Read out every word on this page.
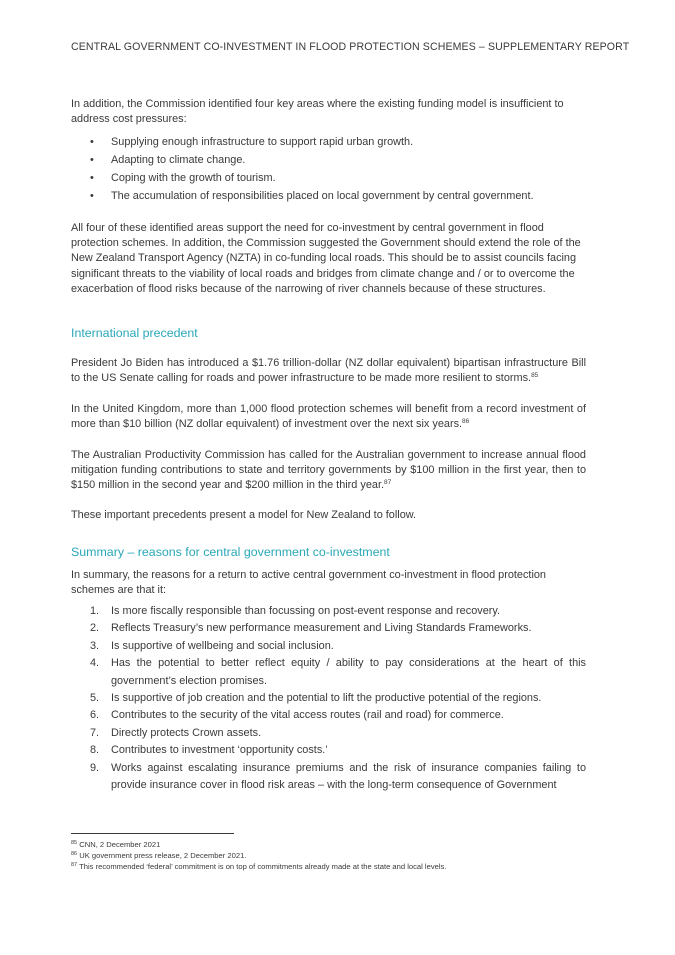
CENTRAL GOVERNMENT CO-INVESTMENT IN FLOOD PROTECTION SCHEMES – SUPPLEMENTARY REPORT

In addition, the Commission identified four key areas where the existing funding model is insufficient to address cost pressures:

• Supplying enough infrastructure to support rapid urban growth.
• Adapting to climate change.
• Coping with the growth of tourism.
• The accumulation of responsibilities placed on local government by central government.

All four of these identified areas support the need for co-investment by central government in flood protection schemes. In addition, the Commission suggested the Government should extend the role of the New Zealand Transport Agency (NZTA) in co-funding local roads. This should be to assist councils facing significant threats to the viability of local roads and bridges from climate change and / or to overcome the exacerbation of flood risks because of the narrowing of river channels because of these structures.

International precedent

President Jo Biden has introduced a $1.76 trillion-dollar (NZ dollar equivalent) bipartisan infrastructure Bill to the US Senate calling for roads and power infrastructure to be made more resilient to storms.$^{85}$

In the United Kingdom, more than 1,000 flood protection schemes will benefit from a record investment of more than $10 billion (NZ dollar equivalent) of investment over the next six years.$^{86}$

The Australian Productivity Commission has called for the Australian government to increase annual flood mitigation funding contributions to state and territory governments by $100 million in the first year, then to $150 million in the second year and $200 million in the third year.$^{87}$

These important precedents present a model for New Zealand to follow.

Summary – reasons for central government co-investment

In summary, the reasons for a return to active central government co-investment in flood protection schemes are that it:

1. Is more fiscally responsible than focussing on post-event response and recovery.
2. Reflects Treasury’s new performance measurement and Living Standards Frameworks.
3. Is supportive of wellbeing and social inclusion.
4. Has the potential to better reflect equity / ability to pay considerations at the heart of this government’s election promises.
5. Is supportive of job creation and the potential to lift the productive potential of the regions.
6. Contributes to the security of the vital access routes (rail and road) for commerce.
7. Directly protects Crown assets.
8. Contributes to investment ‘opportunity costs.’
9. Works against escalating insurance premiums and the risk of insurance companies failing to provide insurance cover in flood risk areas – with the long-term consequence of Government
$^{85}$ CNN, 2 December 2021
$^{86}$ UK government press release, 2 December 2021.
$^{87}$ This recommended ‘federal’ commitment is on top of commitments already made at the state and local levels.
